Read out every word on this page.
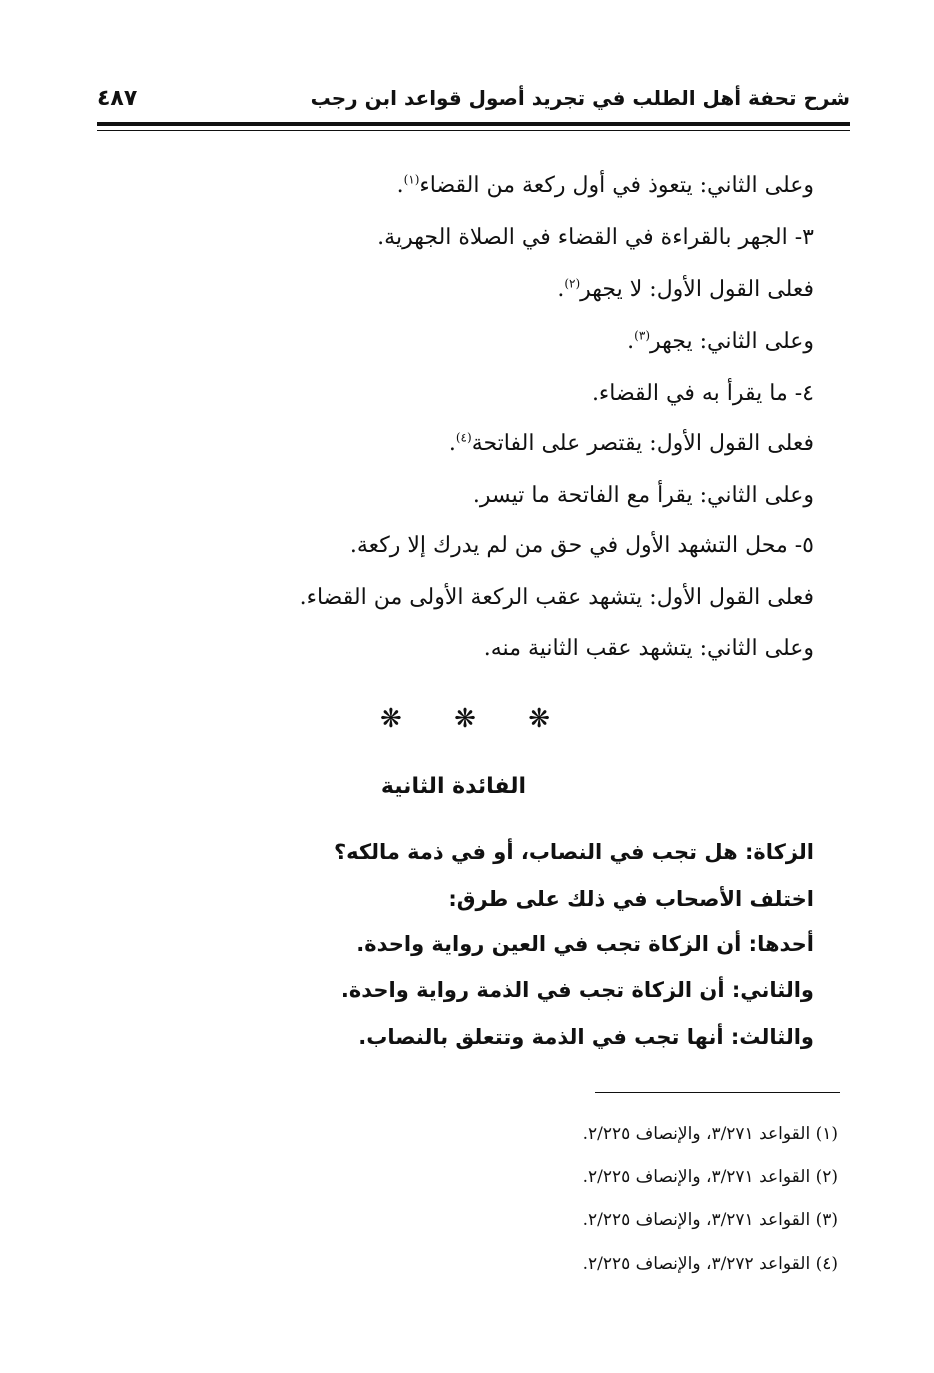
شرح تحفة أهل الطلب في تجريد أصول قواعد ابن رجب
٤٨٧
وعلى الثاني: يتعوذ في أول ركعة من القضاء$^{(١)}$.
٣- الجهر بالقراءة في القضاء في الصلاة الجهرية.
فعلى القول الأول: لا يجهر$^{(٢)}$.
وعلى الثاني: يجهر$^{(٣)}$.
٤- ما يقرأ به في القضاء.
فعلى القول الأول: يقتصر على الفاتحة$^{(٤)}$.
وعلى الثاني: يقرأ مع الفاتحة ما تيسر.
٥- محل التشهد الأول في حق من لم يدرك إلا ركعة.
فعلى القول الأول: يتشهد عقب الركعة الأولى من القضاء.
وعلى الثاني: يتشهد عقب الثانية منه.
❋ ❋ ❋
الفائدة الثانية
الزكاة: هل تجب في النصاب، أو في ذمة مالكه؟
اختلف الأصحاب في ذلك على طرق:
أحدها: أن الزكاة تجب في العين رواية واحدة.
والثاني: أن الزكاة تجب في الذمة رواية واحدة.
والثالث: أنها تجب في الذمة وتتعلق بالنصاب.
(١) القواعد ٣/٢٧١، والإنصاف ٢/٢٢٥.
(٢) القواعد ٣/٢٧١، والإنصاف ٢/٢٢٥.
(٣) القواعد ٣/٢٧١، والإنصاف ٢/٢٢٥.
(٤) القواعد ٣/٢٧٢، والإنصاف ٢/٢٢٥.
